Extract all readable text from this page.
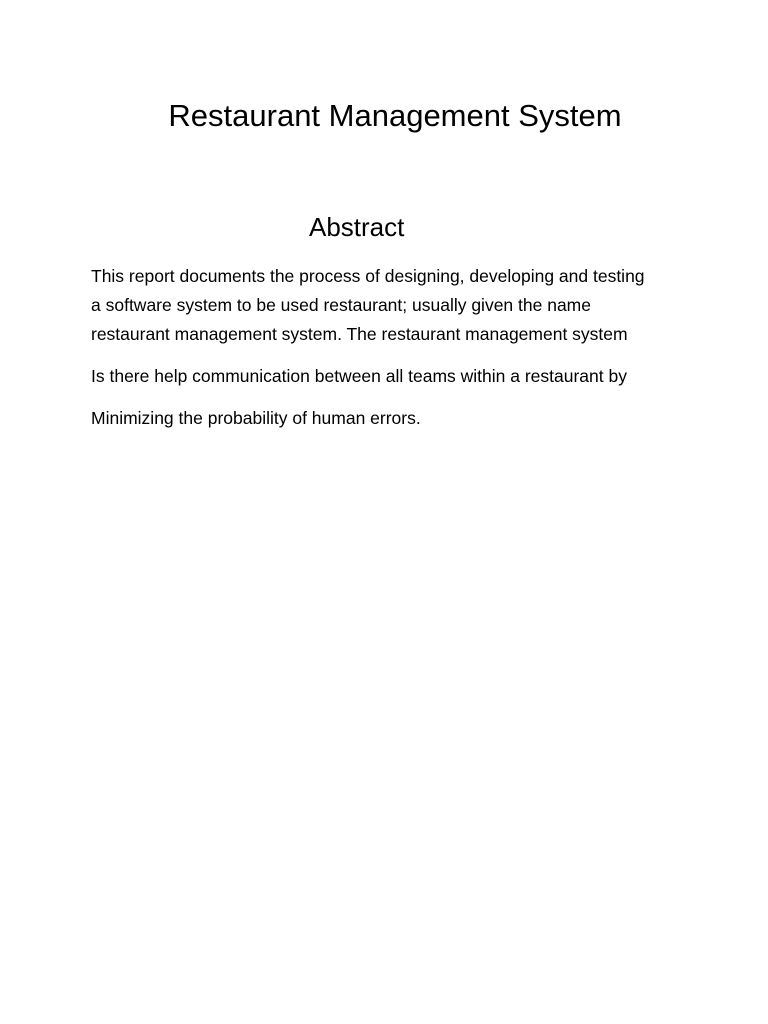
Restaurant Management System
Abstract

This report documents the process of designing, developing and testing
a software system to be used restaurant; usually given the name
restaurant management system. The restaurant management system

Is there help communication between all teams within a restaurant by

Minimizing the probability of human errors.
